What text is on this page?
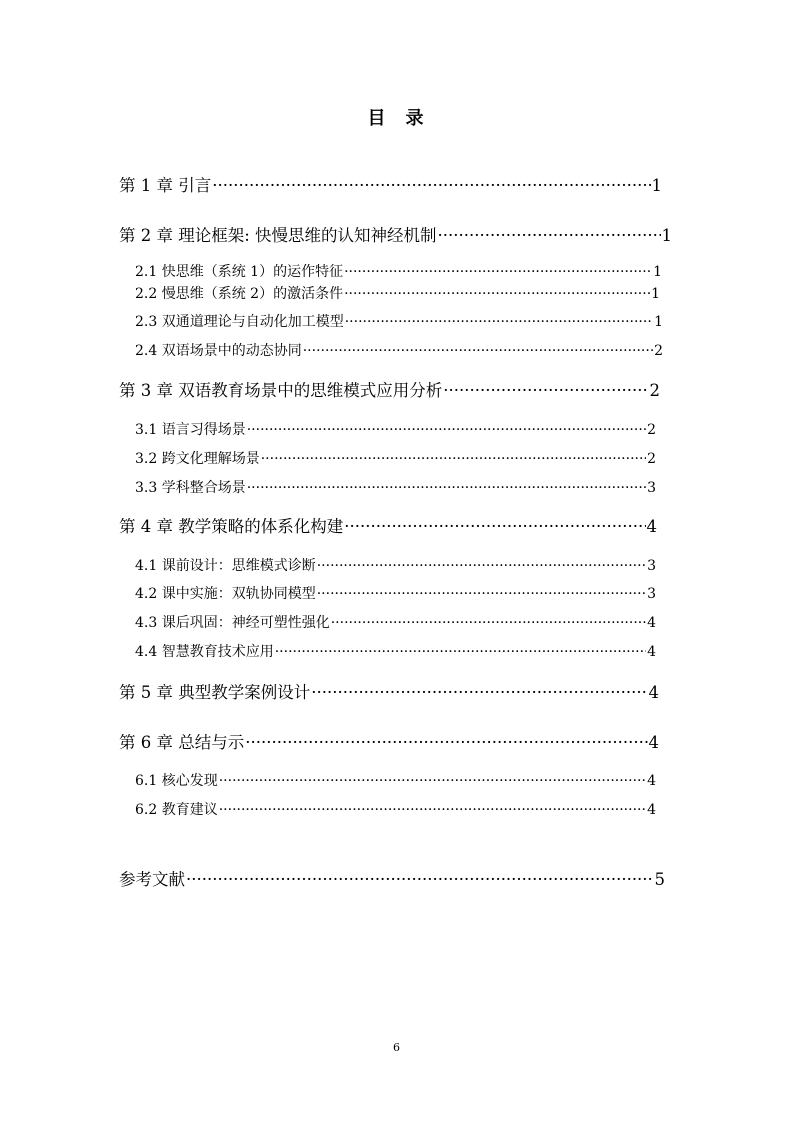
目 录
第 1 章 引言 ·····	1
第 2 章 理论框架: 快慢思维的认知神经机制 ·····	1
2.1 快思维（系统 1）的运作特征 ·····	1
2.2 慢思维（系统 2）的激活条件 ·····	1
2.3 双通道理论与自动化加工模型 ·····	1
2.4 双语场景中的动态协同 ·····	2
第 3 章 双语教育场景中的思维模式应用分析 ·····	2
3.1 语言习得场景 ·····	2
3.2 跨文化理解场景 ·····	2
3.3 学科整合场景 ·····	3
第 4 章 教学策略的体系化构建 ·····	4
4.1 课前设计：思维模式诊断 ·····	3
4.2 课中实施：双轨协同模型 ·····	3
4.3 课后巩固：神经可塑性强化 ·····	4
4.4 智慧教育技术应用 ·····	4
第 5 章 典型教学案例设计 ·····	4
第 6 章 总结与示 ·····	4
6.1 核心发现 ·····	4
6.2 教育建议 ·····	4
参考文献 ·····	5
6
